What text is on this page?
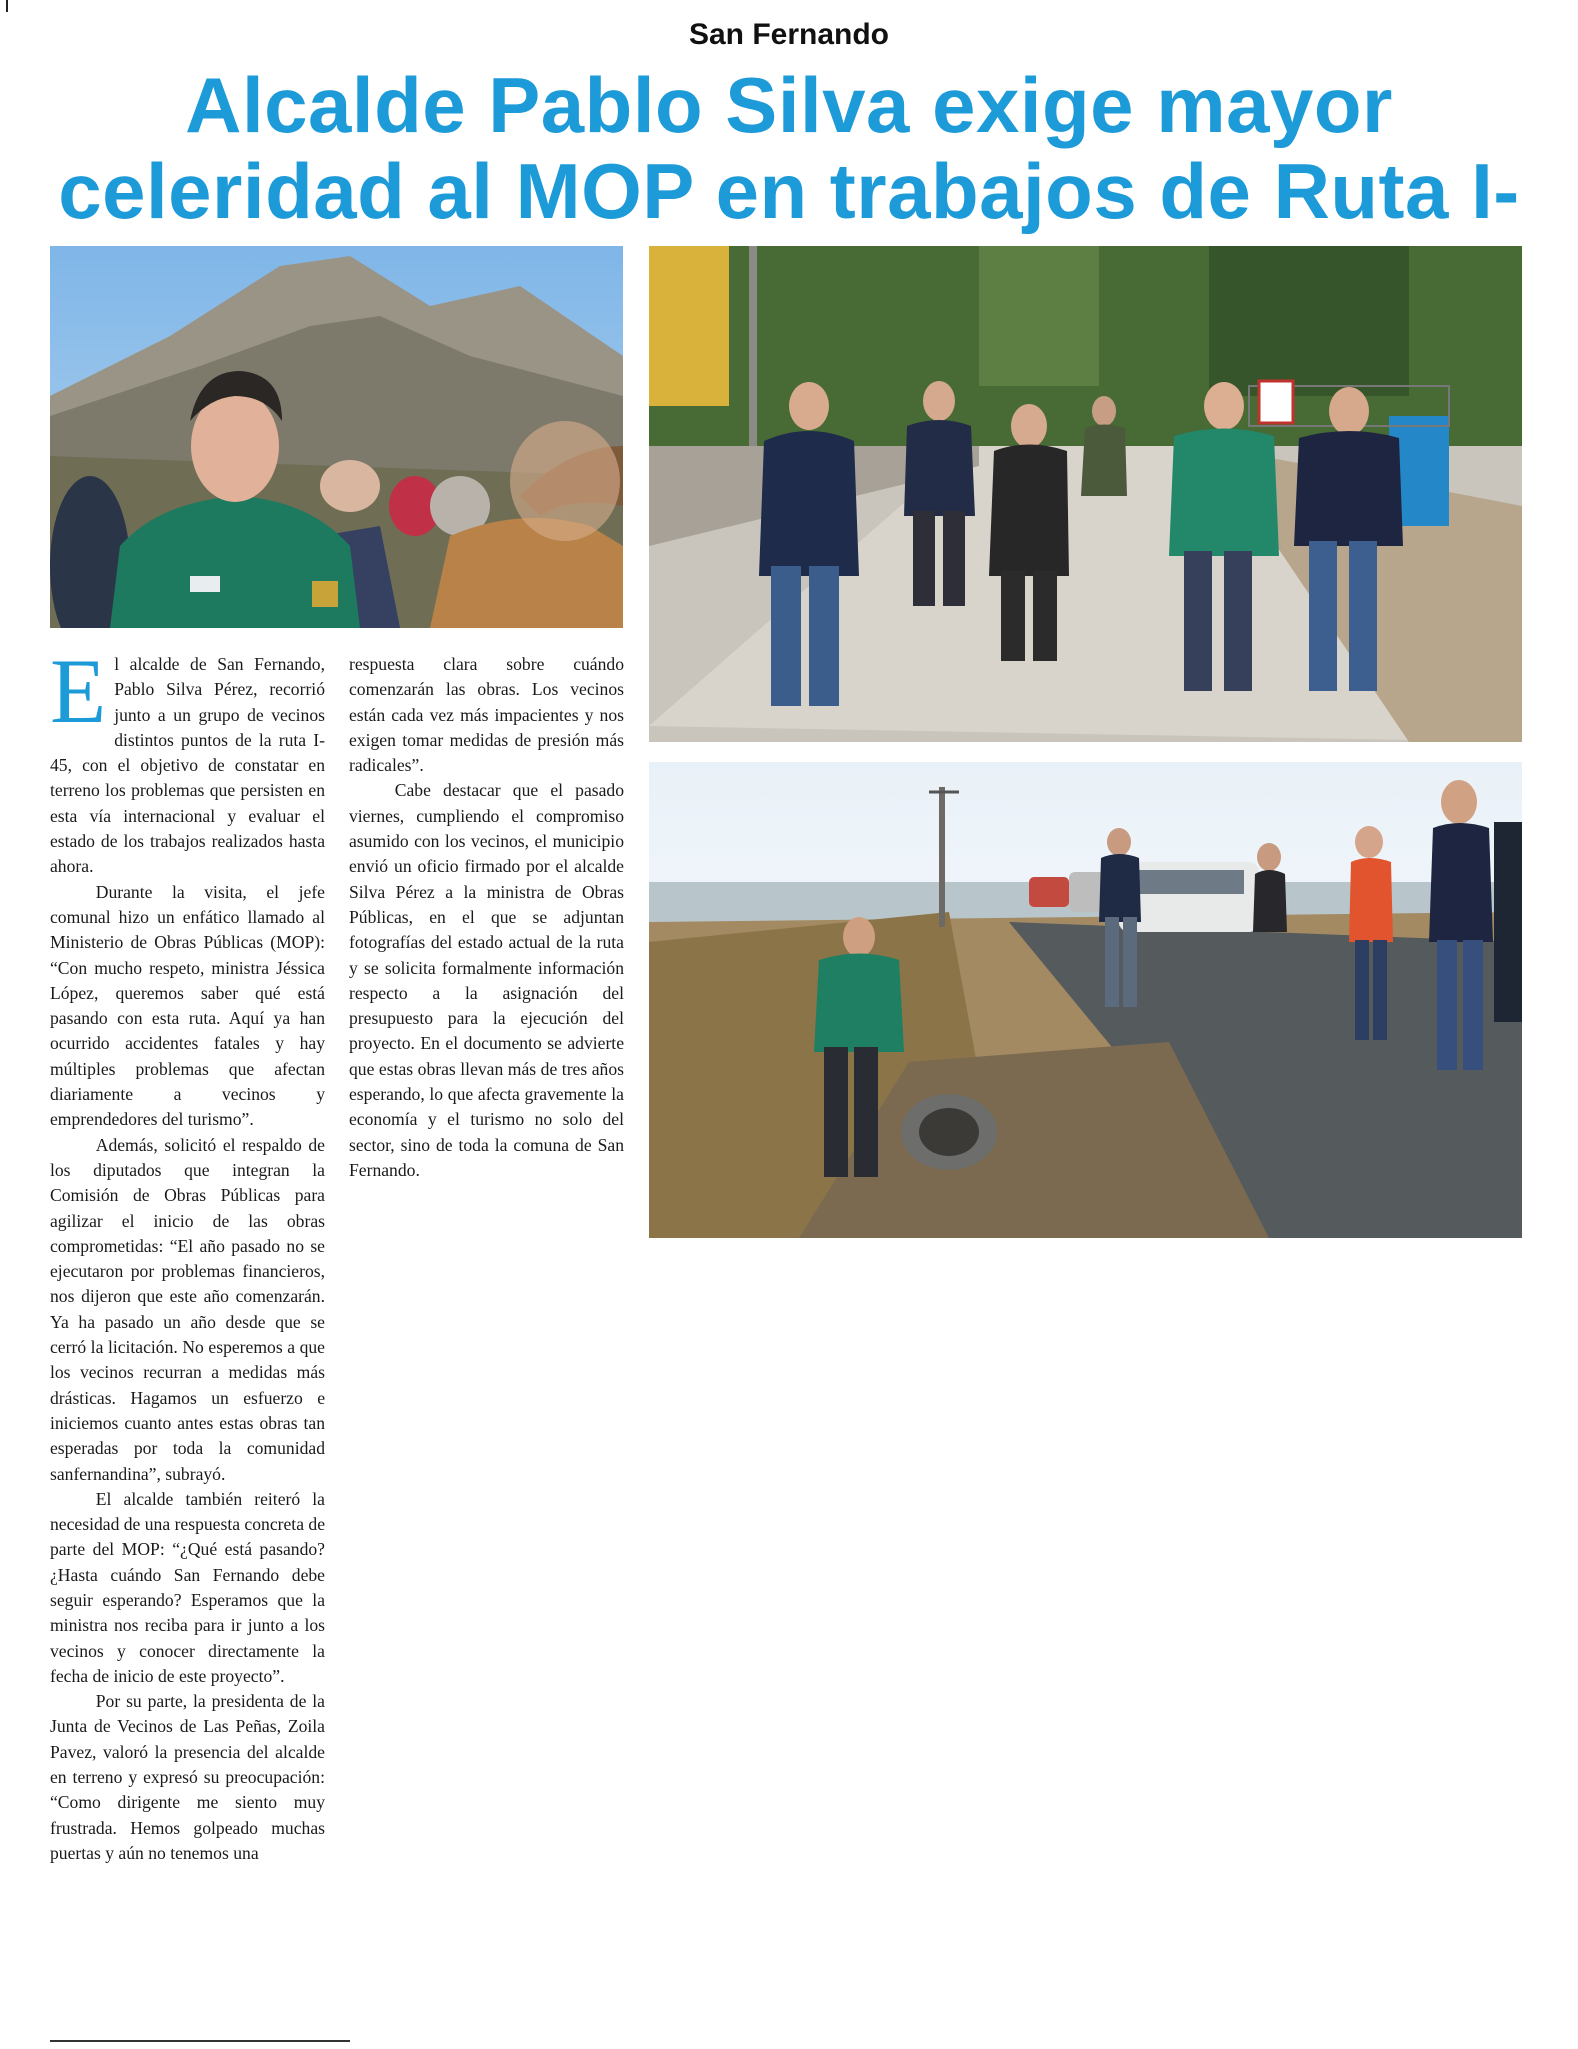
San Fernando
Alcalde Pablo Silva exige mayor celeridad al MOP en trabajos de Ruta I-

El alcalde de San Fernando, Pablo Silva Pérez, recorrió junto a un grupo de vecinos distintos puntos de la ruta I-45, con el objetivo de constatar en terreno los problemas que persisten en esta vía internacional y evaluar el estado de los trabajos realizados hasta ahora.

Durante la visita, el jefe comunal hizo un enfático llamado al Ministerio de Obras Públicas (MOP): “Con mucho respeto, ministra Jéssica López, queremos saber qué está pasando con esta ruta. Aquí ya han ocurrido accidentes fatales y hay múltiples problemas que afectan diariamente a vecinos y emprendedores del turismo”.

Además, solicitó el respaldo de los diputados que integran la Comisión de Obras Públicas para agilizar el inicio de las obras comprometidas: “El año pasado no se ejecutaron por problemas financieros, nos dijeron que este año comenzarán. Ya ha pasado un año desde que se cerró la licitación. No esperemos a que los vecinos recurran a medidas más drásticas. Hagamos un esfuerzo e iniciemos cuanto antes estas obras tan esperadas por toda la comunidad sanfernandina”, subrayó.

El alcalde también reiteró la necesidad de una respuesta concreta de parte del MOP: “¿Qué está pasando? ¿Hasta cuándo San Fernando debe seguir esperando? Esperamos que la ministra nos reciba para ir junto a los vecinos y conocer directamente la fecha de inicio de este proyecto”.

Por su parte, la presidenta de la Junta de Vecinos de Las Peñas, Zoila Pavez, valoró la presencia del alcalde en terreno y expresó su preocupación: “Como dirigente me siento muy frustrada. Hemos golpeado muchas puertas y aún no tenemos una

respuesta clara sobre cuándo comenzarán las obras. Los vecinos están cada vez más impacientes y nos exigen tomar medidas de presión más radicales”.

Cabe destacar que el pasado viernes, cumpliendo el compromiso asumido con los vecinos, el municipio envió un oficio firmado por el alcalde Silva Pérez a la ministra de Obras Públicas, en el que se adjuntan fotografías del estado actual de la ruta y se solicita formalmente información respecto a la asignación del presupuesto para la ejecución del proyecto. En el documento se advierte que estas obras llevan más de tres años esperando, lo que afecta gravemente la economía y el turismo no solo del sector, sino de toda la comuna de San Fernando.
